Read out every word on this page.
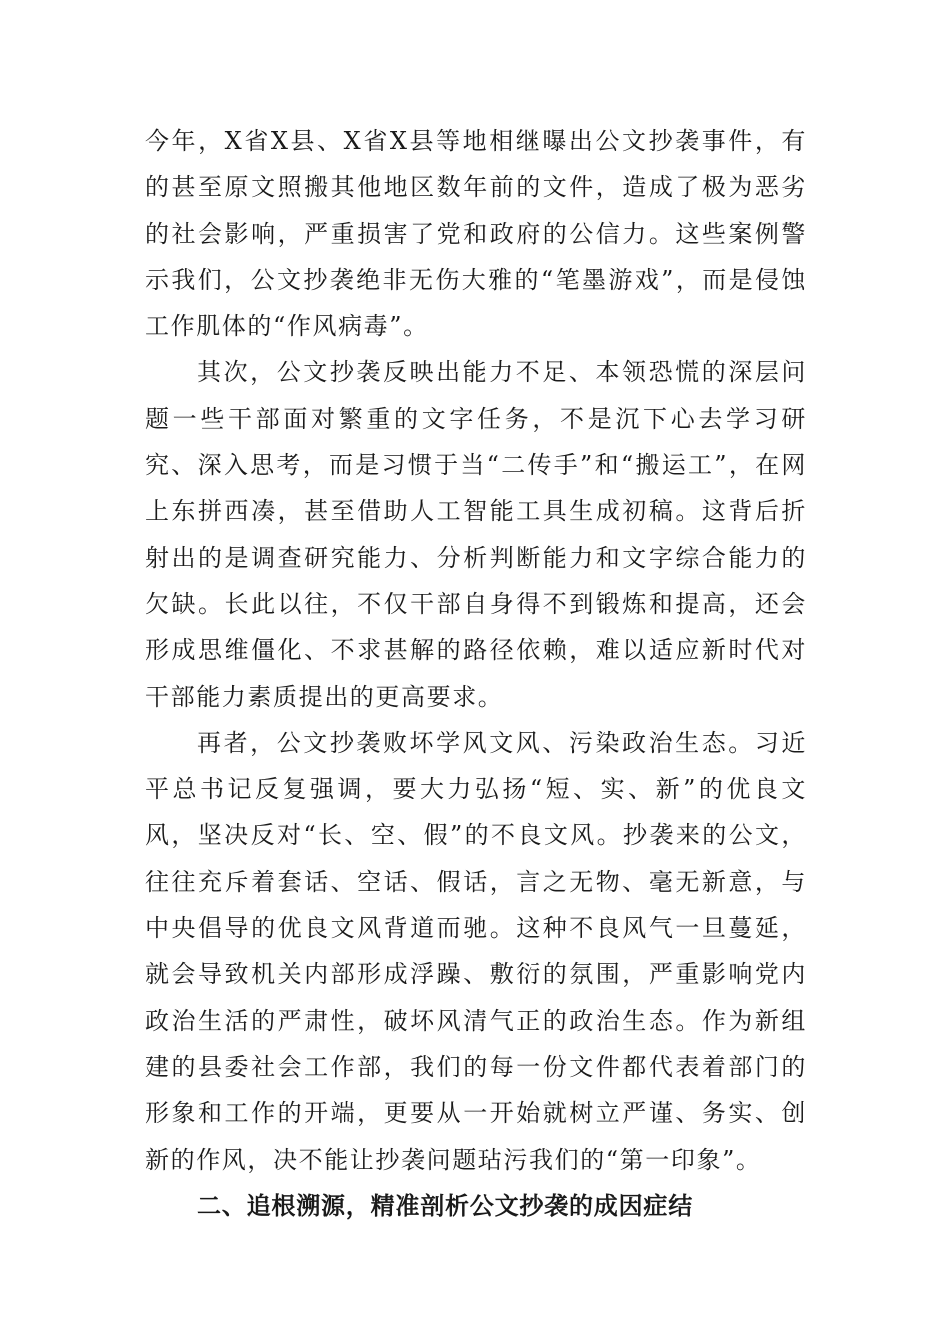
今年，X省X县、X省X县等地相继曝出公文抄袭事件，有的甚至原文照搬其他地区数年前的文件，造成了极为恶劣的社会影响，严重损害了党和政府的公信力。这些案例警示我们，公文抄袭绝非无伤大雅的“笔墨游戏”，而是侵蚀工作肌体的“作风病毒”。

其次，公文抄袭反映出能力不足、本领恐慌的深层问题一些干部面对繁重的文字任务，不是沉下心去学习研究、深入思考，而是习惯于当“二传手”和“搬运工”，在网上东拼西凑，甚至借助人工智能工具生成初稿。这背后折射出的是调查研究能力、分析判断能力和文字综合能力的欠缺。长此以往，不仅干部自身得不到锻炼和提高，还会形成思维僵化、不求甚解的路径依赖，难以适应新时代对干部能力素质提出的更高要求。

再者，公文抄袭败坏学风文风、污染政治生态。习近平总书记反复强调，要大力弘扬“短、实、新”的优良文风，坚决反对“长、空、假”的不良文风。抄袭来的公文，往往充斥着套话、空话、假话，言之无物、毫无新意，与中央倡导的优良文风背道而驰。这种不良风气一旦蔓延，就会导致机关内部形成浮躁、敷衍的氛围，严重影响党内政治生活的严肃性，破坏风清气正的政治生态。作为新组建的县委社会工作部，我们的每一份文件都代表着部门的形象和工作的开端，更要从一开始就树立严谨、务实、创新的作风，决不能让抄袭问题玷污我们的“第一印象”。

二、追根溯源，精准剖析公文抄袭的成因症结
